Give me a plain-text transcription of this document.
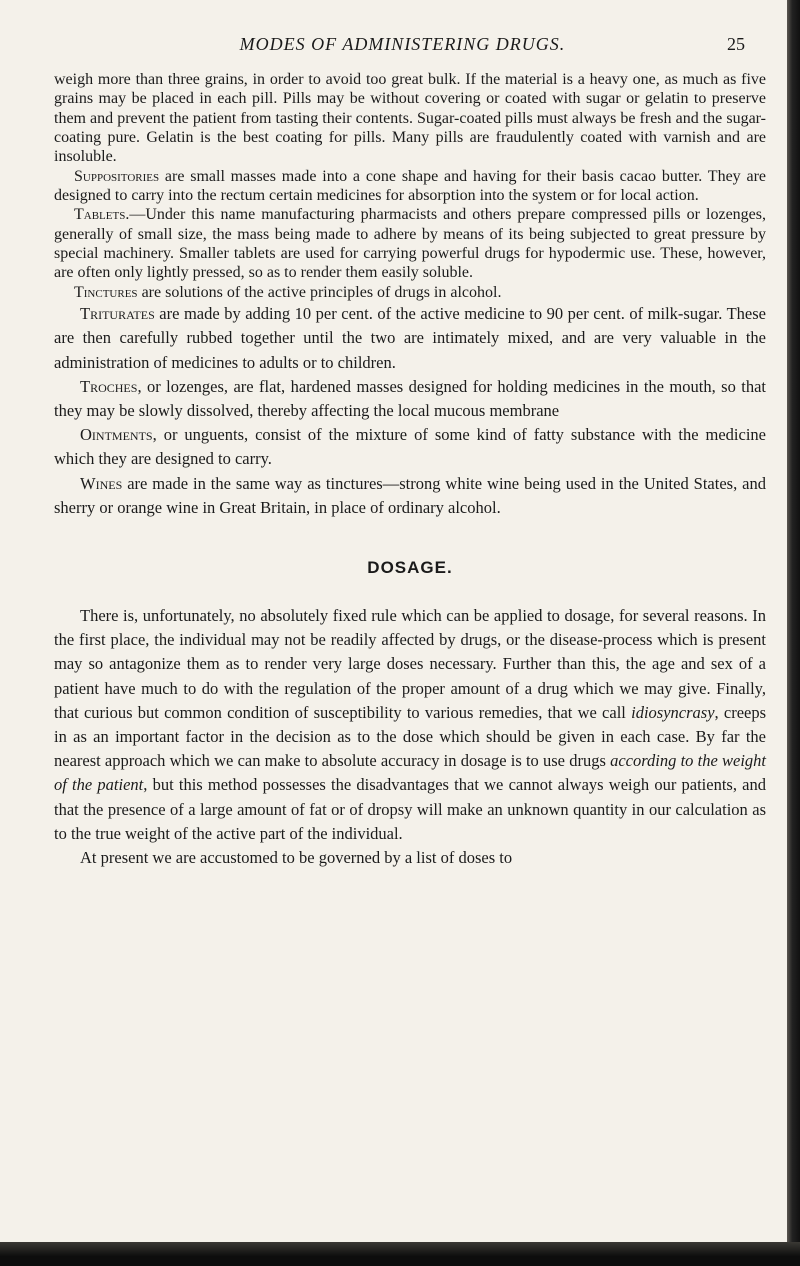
MODES OF ADMINISTERING DRUGS.	25

weigh more than three grains, in order to avoid too great bulk. If the material is a heavy one, as much as five grains may be placed in each pill. Pills may be without covering or coated with sugar or gelatin to preserve them and prevent the patient from tasting their contents. Sugar-coated pills must always be fresh and the sugar-coating pure. Gelatin is the best coating for pills. Many pills are fraudulently coated with varnish and are insoluble.

Suppositories are small masses made into a cone shape and having for their basis cacao butter. They are designed to carry into the rectum certain medicines for absorption into the system or for local action.

Tablets.—Under this name manufacturing pharmacists and others prepare compressed pills or lozenges, generally of small size, the mass being made to adhere by means of its being subjected to great pressure by special machinery. Smaller tablets are used for carrying powerful drugs for hypodermic use. These, however, are often only lightly pressed, so as to render them easily soluble.

Tinctures are solutions of the active principles of drugs in alcohol.

Triturates are made by adding 10 per cent. of the active medicine to 90 per cent. of milk-sugar. These are then carefully rubbed together until the two are intimately mixed, and are very valuable in the administration of medicines to adults or to children.

Troches, or lozenges, are flat, hardened masses designed for holding medicines in the mouth, so that they may be slowly dissolved, thereby affecting the local mucous membrane

Ointments, or unguents, consist of the mixture of some kind of fatty substance with the medicine which they are designed to carry.

Wines are made in the same way as tinctures—strong white wine being used in the United States, and sherry or orange wine in Great Britain, in place of ordinary alcohol.

DOSAGE.

There is, unfortunately, no absolutely fixed rule which can be applied to dosage, for several reasons. In the first place, the individual may not be readily affected by drugs, or the disease-process which is present may so antagonize them as to render very large doses necessary. Further than this, the age and sex of a patient have much to do with the regulation of the proper amount of a drug which we may give. Finally, that curious but common condition of susceptibility to various remedies, that we call idiosyncrasy, creeps in as an important factor in the decision as to the dose which should be given in each case. By far the nearest approach which we can make to absolute accuracy in dosage is to use drugs according to the weight of the patient, but this method possesses the disadvantages that we cannot always weigh our patients, and that the presence of a large amount of fat or of dropsy will make an unknown quantity in our calculation as to the true weight of the active part of the individual.

At present we are accustomed to be governed by a list of doses to
